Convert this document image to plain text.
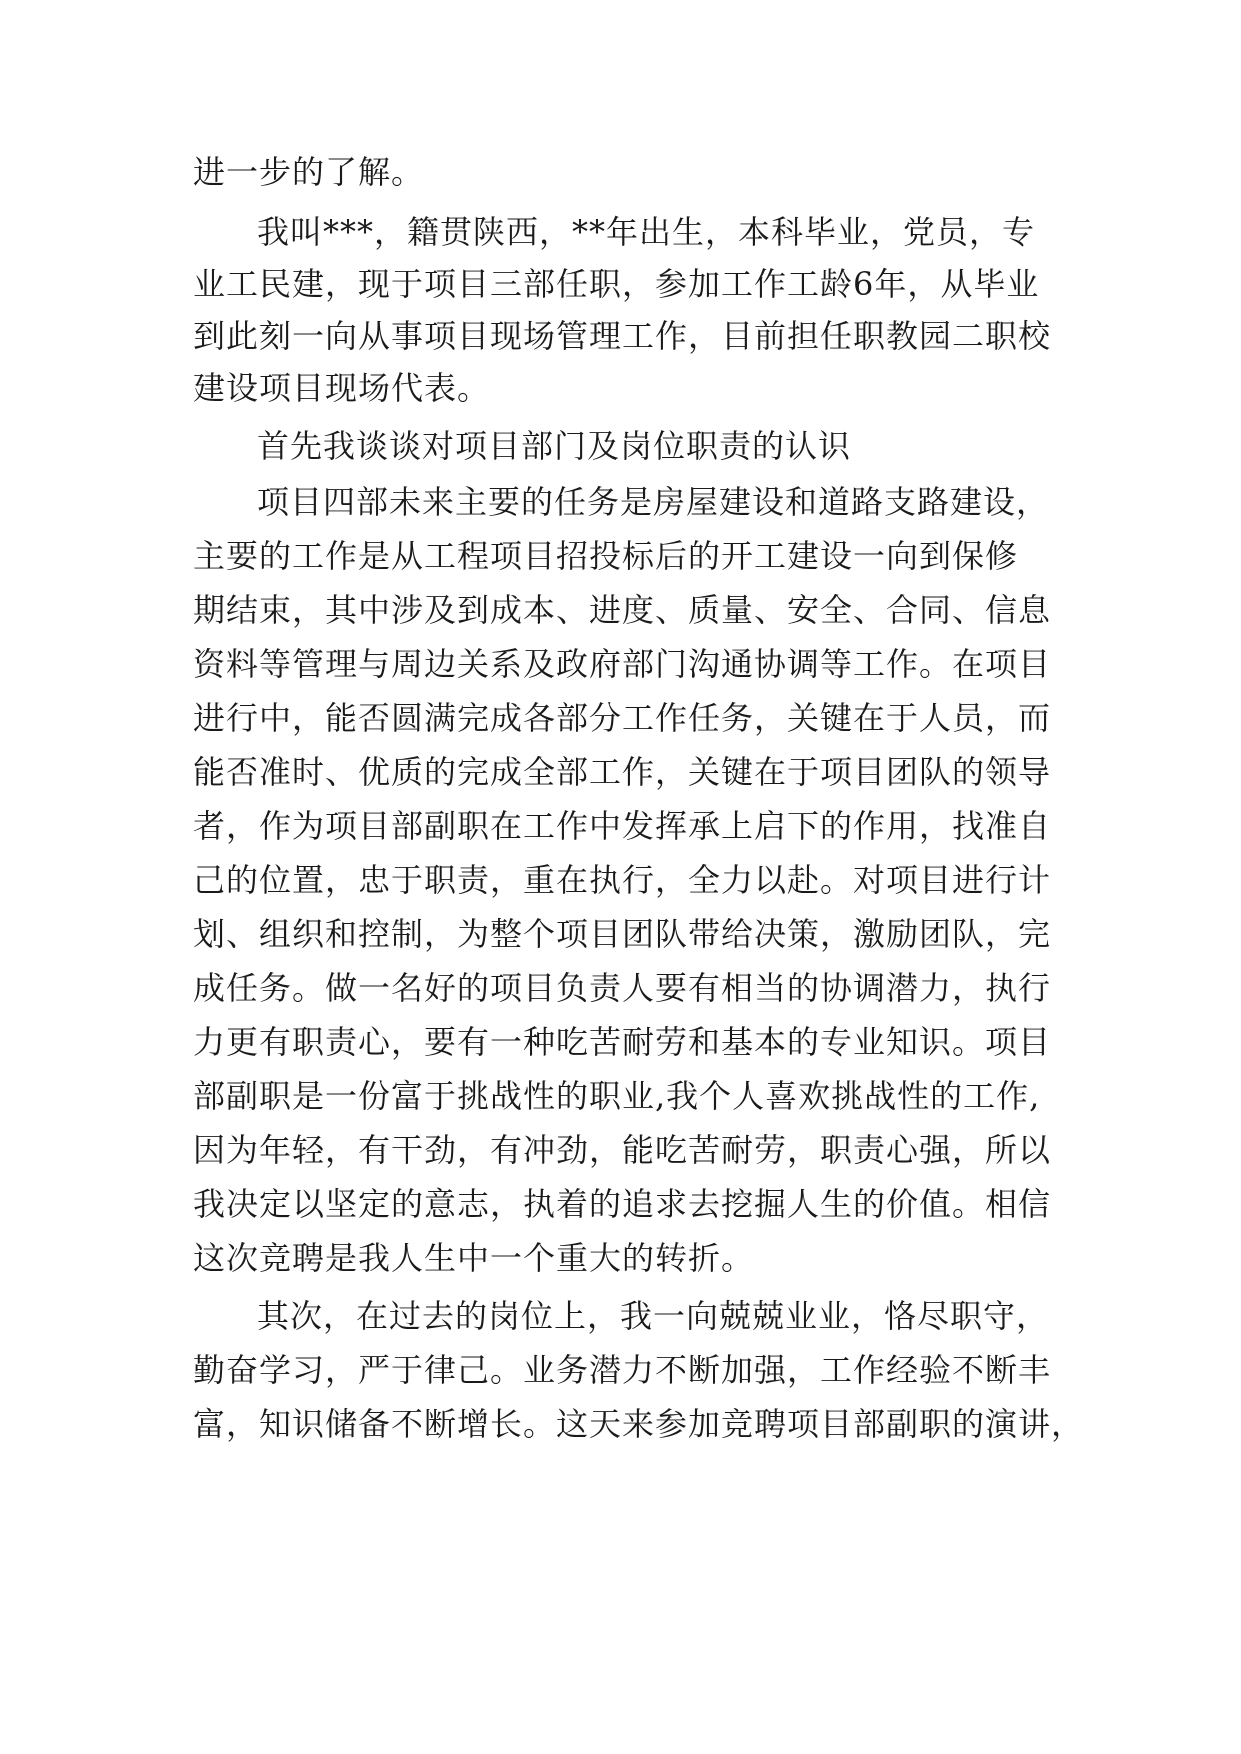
进一步的了解。
我叫***，籍贯陕西，**年出生，本科毕业，党员，专
业工民建，现于项目三部任职，参加工作工龄6年，从毕业
到此刻一向从事项目现场管理工作，目前担任职教园二职校
建设项目现场代表。
首先我谈谈对项目部门及岗位职责的认识
项目四部未来主要的任务是房屋建设和道路支路建设，
主要的工作是从工程项目招投标后的开工建设一向到保修
期结束，其中涉及到成本、进度、质量、安全、合同、信息
资料等管理与周边关系及政府部门沟通协调等工作。在项目
进行中，能否圆满完成各部分工作任务，关键在于人员，而
能否准时、优质的完成全部工作，关键在于项目团队的领导
者，作为项目部副职在工作中发挥承上启下的作用，找准自
己的位置，忠于职责，重在执行，全力以赴。对项目进行计
划、组织和控制，为整个项目团队带给决策，激励团队，完
成任务。做一名好的项目负责人要有相当的协调潜力，执行
力更有职责心，要有一种吃苦耐劳和基本的专业知识。项目
部副职是一份富于挑战性的职业,我个人喜欢挑战性的工作,
因为年轻，有干劲，有冲劲，能吃苦耐劳，职责心强，所以
我决定以坚定的意志，执着的追求去挖掘人生的价值。相信
这次竞聘是我人生中一个重大的转折。
其次，在过去的岗位上，我一向兢兢业业，恪尽职守，
勤奋学习，严于律己。业务潜力不断加强，工作经验不断丰
富，知识储备不断增长。这天来参加竞聘项目部副职的演讲，
